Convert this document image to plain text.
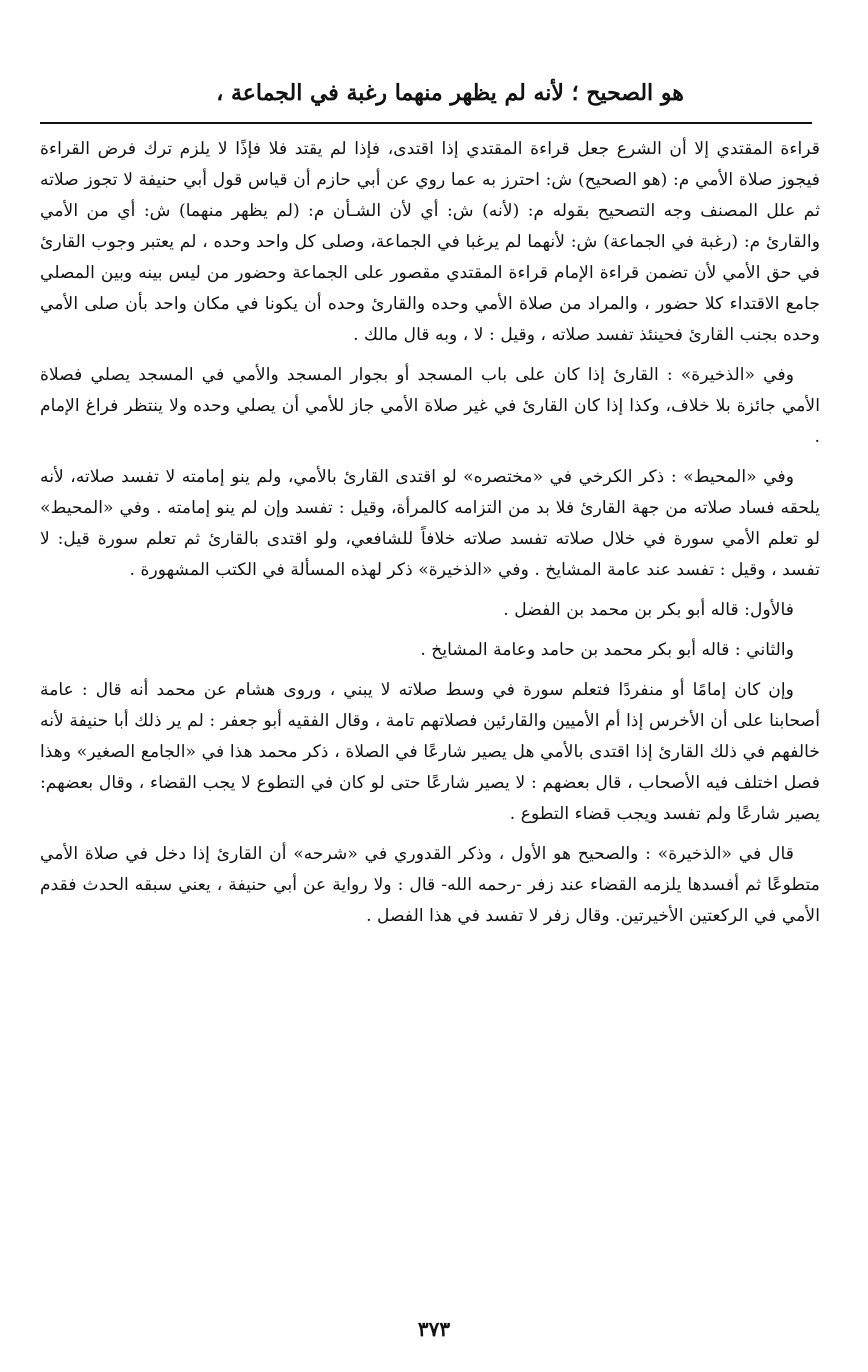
هو الصحيح ؛ لأنه لم يظهر منهما رغبة في الجماعة ،

قراءة المقتدي إلا أن الشرع جعل قراءة المقتدي إذا اقتدى، فإذا لم يقتد فلا فإذًا لا يلزم ترك فرض القراءة فيجوز صلاة الأمي م: (هو الصحيح) ش: احترز به عما روي عن أبي حازم أن قياس قول أبي حنيفة لا تجوز صلاته ثم علل المصنف وجه التصحيح بقوله م: (لأنه) ش: أي لأن الشـأن م: (لم يظهر منهما) ش: أي من الأمي والقارئ م: (رغبة في الجماعة) ش: لأنهما لم يرغبا في الجماعة، وصلى كل واحد وحده ، لم يعتبر وجوب القارئ في حق الأمي لأن تضمن قراءة الإمام قراءة المقتدي مقصور على الجماعة وحضور من ليس بينه وبين المصلي جامع الاقتداء كلا حضور ، والمراد من صلاة الأمي وحده والقارئ وحده أن يكونا في مكان واحد بأن صلى الأمي وحده بجنب القارئ فحينئذ تفسد صلاته ، وقيل : لا ، وبه قال مالك .

وفي «الذخيرة» : القارئ إذا كان على باب المسجد أو بجوار المسجد والأمي في المسجد يصلي فصلاة الأمي جائزة بلا خلاف، وكذا إذا كان القارئ في غير صلاة الأمي جاز للأمي أن يصلي وحده ولا ينتظر فراغ الإمام .

وفي «المحيط» : ذكر الكرخي في «مختصره» لو اقتدى القارئ بالأمي، ولم ينو إمامته لا تفسد صلاته، لأنه يلحقه فساد صلاته من جهة القارئ فلا بد من التزامه كالمرأة، وقيل : تفسد وإن لم ينو إمامته . وفي «المحيط» لو تعلم الأمي سورة في خلال صلاته تفسد صلاته خلافاً للشافعي، ولو اقتدى بالقارئ ثم تعلم سورة قيل: لا تفسد ، وقيل : تفسد عند عامة المشايخ . وفي «الذخيرة» ذكر لهذه المسألة في الكتب المشهورة .

فالأول: قاله أبو بكر بن محمد بن الفضل .

والثاني : قاله أبو بكر محمد بن حامد وعامة المشايخ .

وإن كان إمامًا أو منفردًا فتعلم سورة في وسط صلاته لا يبني ، وروى هشام عن محمد أنه قال : عامة أصحابنا على أن الأخرس إذا أم الأميين والقارئين فصلاتهم تامة ، وقال الفقيه أبو جعفر : لم ير ذلك أبا حنيفة لأنه خالفهم في ذلك القارئ إذا اقتدى بالأمي هل يصير شارعًا في الصلاة ، ذكر محمد هذا في «الجامع الصغير» وهذا فصل اختلف فيه الأصحاب ، قال بعضهم : لا يصير شارعًا حتى لو كان في التطوع لا يجب القضاء ، وقال بعضهم: يصير شارعًا ولم تفسد ويجب قضاء التطوع .

قال في «الذخيرة» : والصحيح هو الأول ، وذكر القدوري في «شرحه» أن القارئ إذا دخل في صلاة الأمي متطوعًا ثم أفسدها يلزمه القضاء عند زفر -رحمه الله- قال : ولا رواية عن أبي حنيفة ، يعني سبقه الحدث فقدم الأمي في الركعتين الأخيرتين. وقال زفر لا تفسد في هذا الفصل .

٣٧٣
